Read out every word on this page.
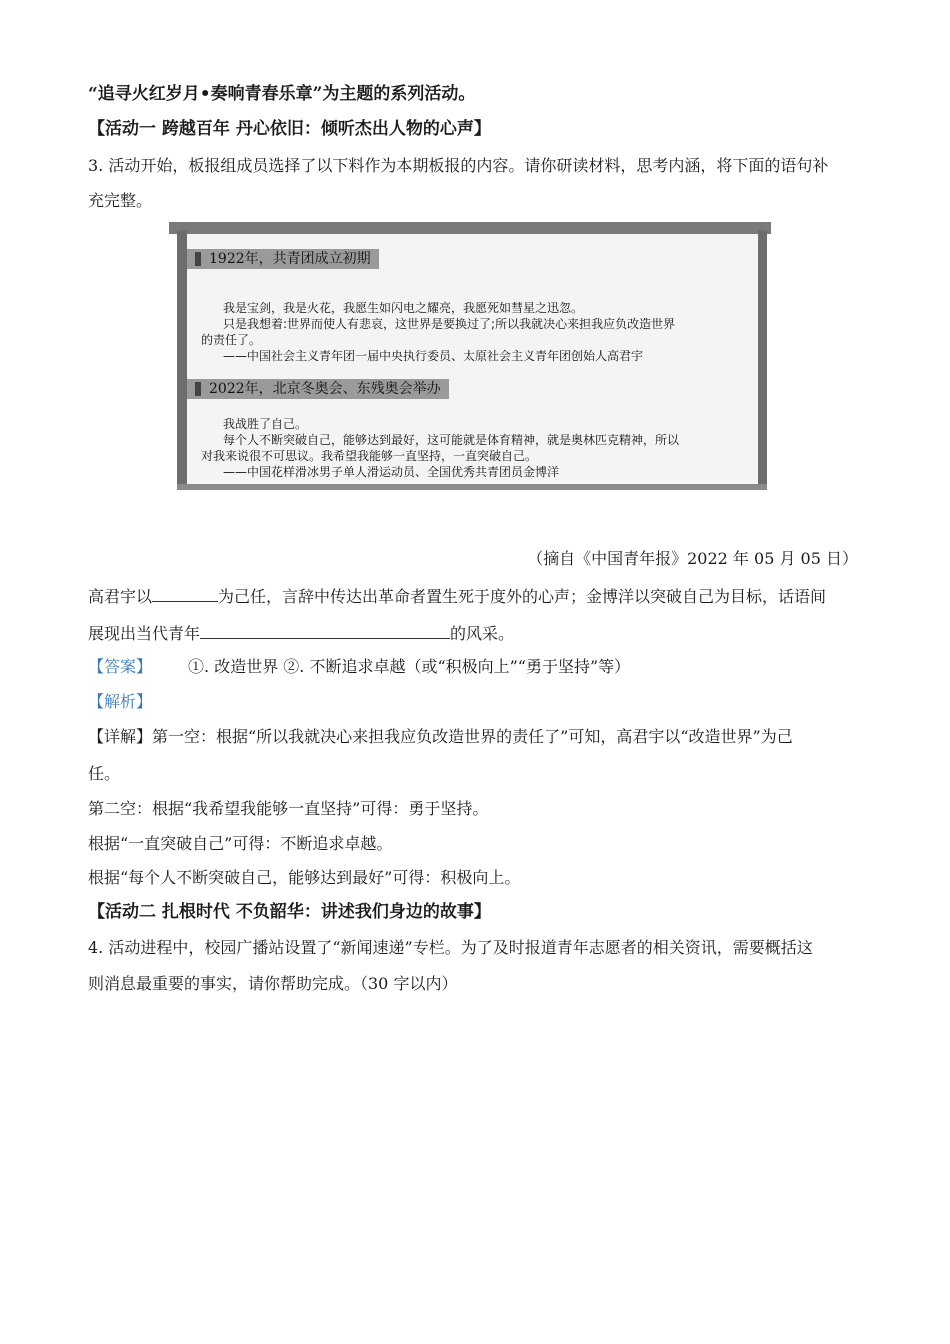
“追寻火红岁月•奏响青春乐章”为主题的系列活动。
【活动一 跨越百年 丹心依旧：倾听杰出人物的心声】
3. 活动开始，板报组成员选择了以下料作为本期板报的内容。请你研读材料，思考内涵，将下面的语句补
充完整。
1922年，共青团成立初期
我是宝剑，我是火花，我愿生如闪电之耀亮，我愿死如彗星之迅忽。
只是我想着:世界而使人有悲哀，这世界是要换过了;所以我就决心来担我应负改造世界
的责任了。
——中国社会主义青年团一届中央执行委员、太原社会主义青年团创始人高君宇
2022年，北京冬奥会、东残奥会举办
我战胜了自己。
每个人不断突破自己，能够达到最好，这可能就是体育精神，就是奥林匹克精神，所以
对我来说很不可思议。我希望我能够一直坚持，一直突破自己。
——中国花样滑冰男子单人滑运动员、全国优秀共青团员金博洋
（摘自《中国青年报》2022 年 05 月 05 日）
高君宇以	为己任，言辞中传达出革命者置生死于度外的心声；金博洋以突破自己为目标，话语间
展现出当代青年	的风采。
【答案】 ①. 改造世界 ②. 不断追求卓越（或“积极向上”“勇于坚持”等）
【解析】
【详解】第一空：根据“所以我就决心来担我应负改造世界的责任了”可知，高君宇以“改造世界”为己
任。
第二空：根据“我希望我能够一直坚持”可得：勇于坚持。
根据“一直突破自己”可得：不断追求卓越。
根据“每个人不断突破自己，能够达到最好”可得：积极向上。
【活动二 扎根时代 不负韶华：讲述我们身边的故事】
4. 活动进程中，校园广播站设置了“新闻速递”专栏。为了及时报道青年志愿者的相关资讯，需要概括这
则消息最重要的事实，请你帮助完成。（30 字以内）
